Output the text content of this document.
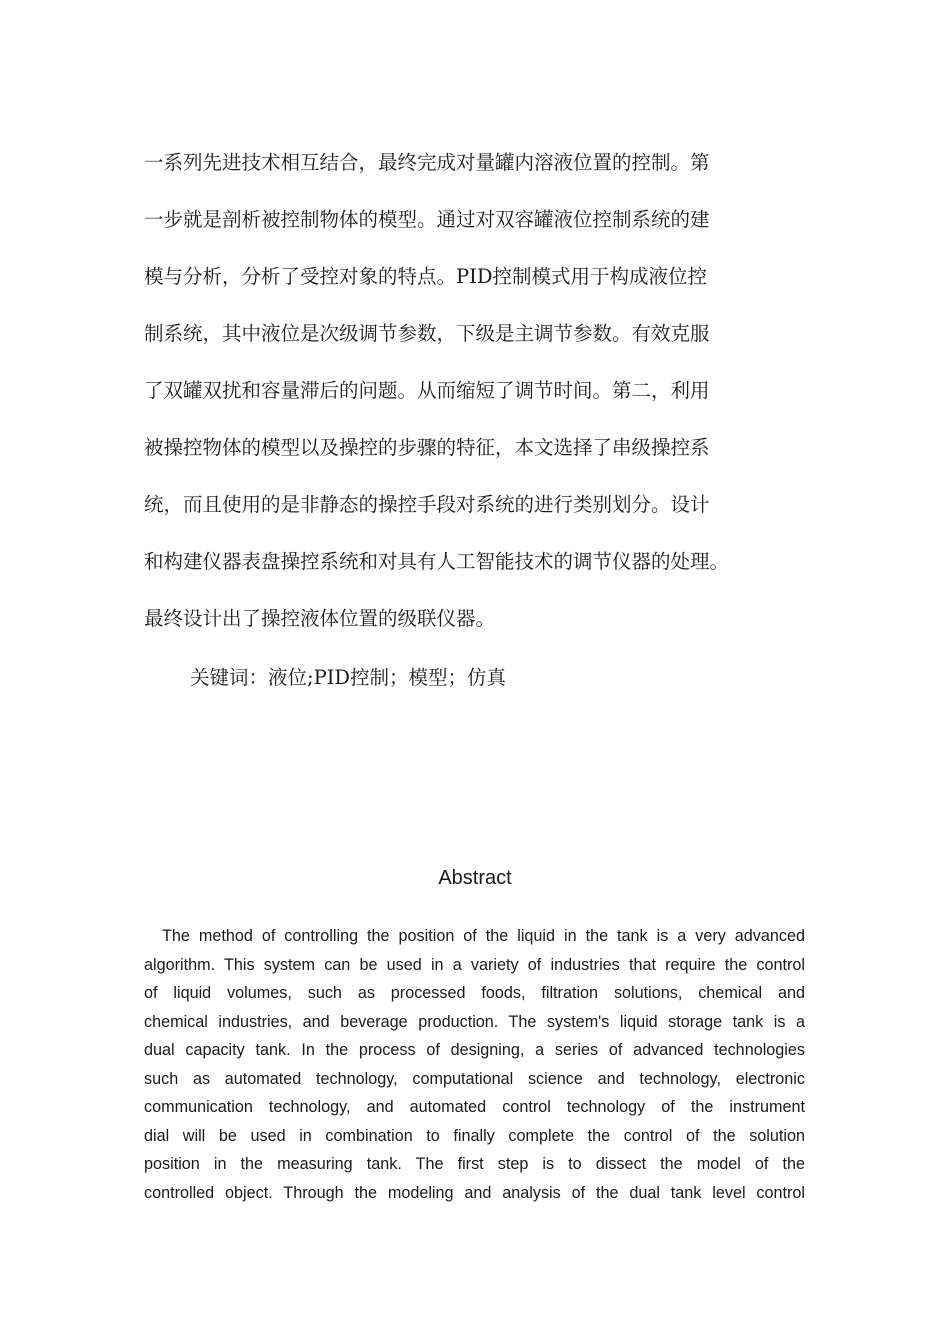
一系列先进技术相互结合，最终完成对量罐内溶液位置的控制。第
一步就是剖析被控制物体的模型。通过对双容罐液位控制系统的建
模与分析，分析了受控对象的特点。PID控制模式用于构成液位控
制系统，其中液位是次级调节参数，下级是主调节参数。有效克服
了双罐双扰和容量滞后的问题。从而缩短了调节时间。第二，利用
被操控物体的模型以及操控的步骤的特征，本文选择了串级操控系
统，而且使用的是非静态的操控手段对系统的进行类别划分。设计
和构建仪器表盘操控系统和对具有人工智能技术的调节仪器的处理。
最终设计出了操控液体位置的级联仪器。
关键词：液位;PID控制；模型；仿真
Abstract
The method of controlling the position of the liquid in the tank is a very advanced
algorithm. This system can be used in a variety of industries that require the control
of liquid volumes, such as processed foods, filtration solutions, chemical and
chemical industries, and beverage production. The system's liquid storage tank is a
dual capacity tank. In the process of designing, a series of advanced technologies
such as automated technology, computational science and technology, electronic
communication technology, and automated control technology of the instrument
dial will be used in combination to finally complete the control of the solution
position in the measuring tank. The first step is to dissect the model of the
controlled object. Through the modeling and analysis of the dual tank level control
